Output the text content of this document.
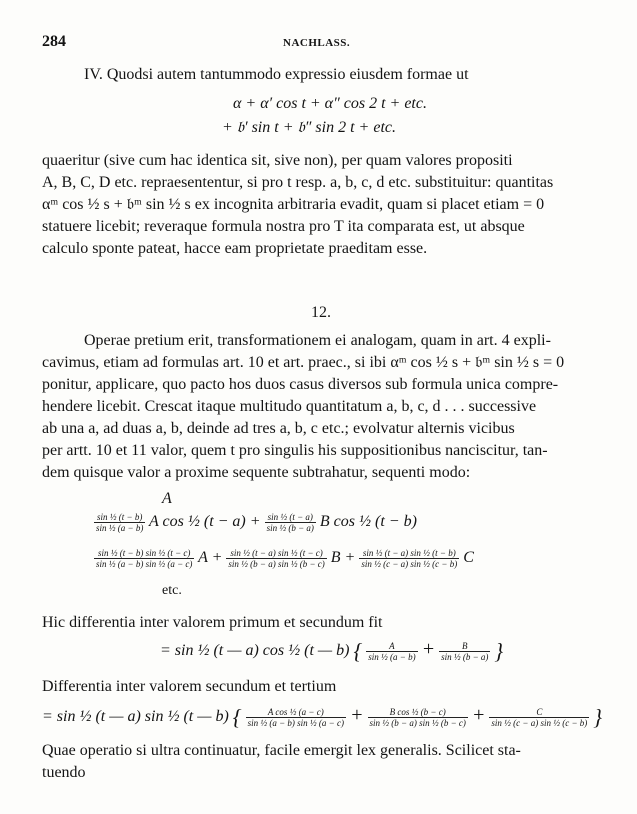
284	NACHLASS.
IV. Quodsi autem tantummodo expressio eiusdem formae ut
α + α′ cos t + α″ cos 2 t + etc.
+ 𝔟′ sin t + 𝔟″ sin 2 t + etc.
quaeritur (sive cum hac identica sit, sive non), per quam valores propositi
A, B, C, D etc. repraesententur, si pro t resp. a, b, c, d etc. substituitur: quantitas
αᵐ cos ½ s + 𝔟ᵐ sin ½ s ex incognita arbitraria evadit, quam si placet etiam = 0
statuere licebit; reveraque formula nostra pro T ita comparata est, ut absque
calculo sponte pateat, hacce eam proprietate praeditam esse.
12.
Operae pretium erit, transformationem ei analogam, quam in art. 4 expli-
cavimus, etiam ad formulas art. 10 et art. praec., si ibi αᵐ cos ½ s + 𝔟ᵐ sin ½ s = 0
ponitur, applicare, quo pacto hos duos casus diversos sub formula unica compre-
hendere licebit. Crescat itaque multitudo quantitatum a, b, c, d . . . successive
ab una a, ad duas a, b, deinde ad tres a, b, c etc.; evolvatur alternis vicibus
per artt. 10 et 11 valor, quem t pro singulis his suppositionibus nanciscitur, tan-
dem quisque valor a proxime sequente subtrahatur, sequenti modo:
A
$\frac{\text{sin ½ (t − b)}}{\text{sin ½ (a − b)}}$ A cos ½ $(t - a) + \frac{\text{sin ½ (t − a)}}{\text{sin ½ (b − a)}}$ B cos ½ (t − b)
$\frac{\text{sin ½ (t − b) sin ½ (t − c)}}{\text{sin ½ (a − b) sin ½ (a − c)}}$ $A + \frac{\text{sin ½ (t − a) sin ½ (t − c)}}{\text{sin ½ (b − a) sin ½ (b − c)}}$ $B + \frac{\text{sin ½ (t − a) sin ½ (t − b)}}{\text{sin ½ (c − a) sin ½ (c − b)}}$ C
etc.
Hic differentia inter valorem primum et secundum fit
= sin ½ (t — a) cos ½ (t — b) { $\frac{A}{\text{sin ½ (a − b)}} + \frac{B}{\text{sin ½ (b − a)}}$ }
Differentia inter valorem secundum et tertium
= sin ½ (t — a) sin ½ (t — b) { $\frac{\text{A cos ½ (a − c)}}{\text{sin ½ (a − b) sin ½ (a − c)}} + \frac{\text{B cos ½ (b − c)}}{\text{sin ½ (b − a) sin ½ (b − c)}} + \frac{C}{\text{sin ½ (c − a) sin ½ (c − b)}}$ }
Quae operatio si ultra continuatur, facile emergit lex generalis. Scilicet sta-
tuendo
